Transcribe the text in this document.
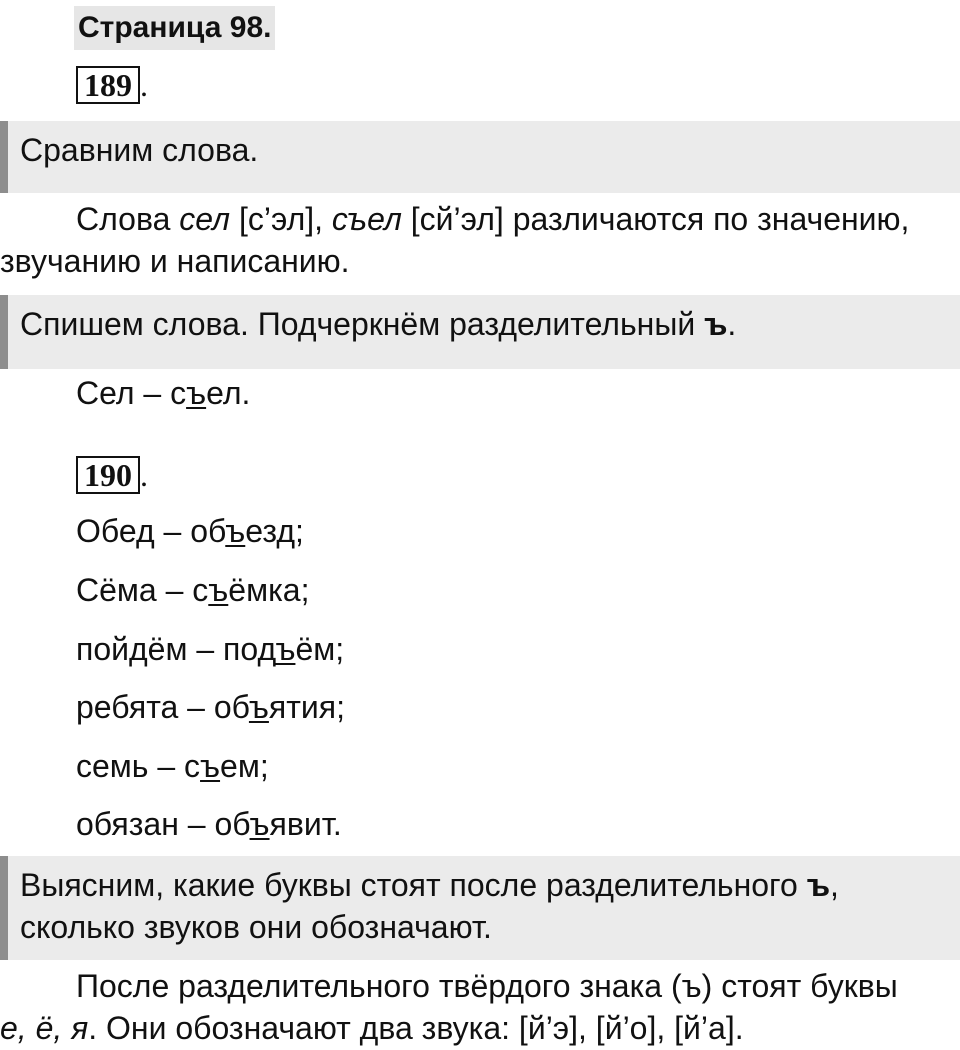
Страница 98.
189 .
Сравним слова.
Слова сел [с’эл], съел [сй’эл] различаются по значению,
звучанию и написанию.
Спишем слова. Подчеркнём разделительный ъ.
Сел – съел.
190 .
Обед – объезд;
Сёма – съёмка;
пойдём – подъём;
ребята – объятия;
семь – съем;
обязан – объявит.
Выясним, какие буквы стоят после разделительного ъ,
сколько звуков они обозначают.
После разделительного твёрдого знака (ъ) стоят буквы
е, ё, я. Они обозначают два звука: [й’э], [й’о], [й’а].
